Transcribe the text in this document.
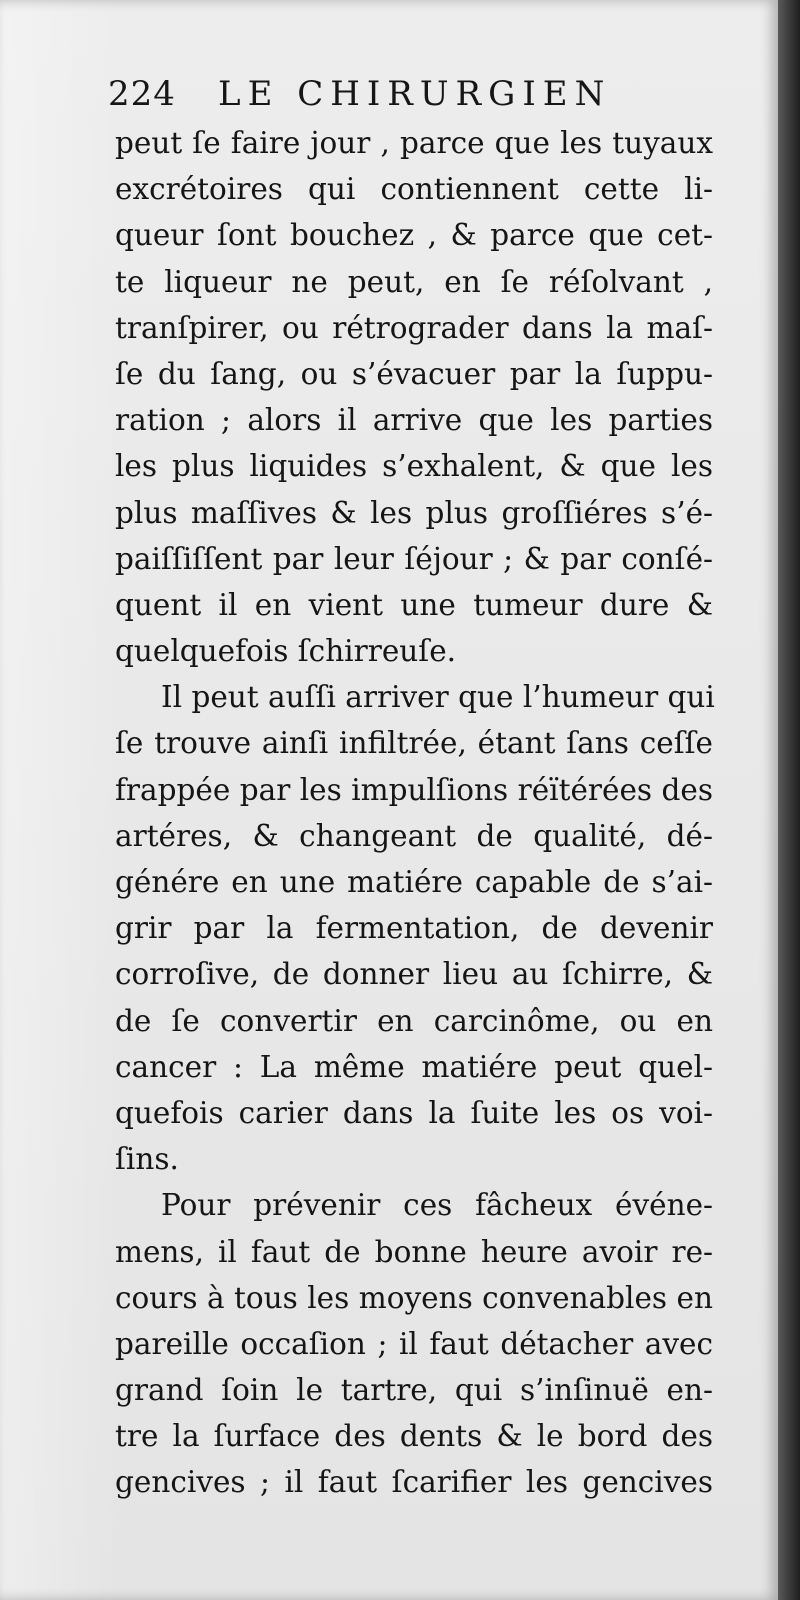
224 LE CHIRURGIEN
peut ſe faire jour , parce que les tuyaux
excrétoires qui contiennent cette li-
queur ſont bouchez , & parce que cet-
te liqueur ne peut, en ſe réſolvant ,
tranſpirer, ou rétrograder dans la maſ-
ſe du ſang, ou s’évacuer par la ſuppu-
ration ; alors il arrive que les parties
les plus liquides s’exhalent, & que les
plus maſſives & les plus groſſiéres s’é-
paiſſiſſent par leur ſéjour ; & par conſé-
quent il en vient une tumeur dure &
quelquefois ſchirreuſe.
Il peut auſſi arriver que l’humeur qui
ſe trouve ainſi infiltrée, étant ſans ceſſe
frappée par les impulſions réïtérées des
artéres, & changeant de qualité, dé-
génére en une matiére capable de s’ai-
grir par la fermentation, de devenir
corroſive, de donner lieu au ſchirre, &
de ſe convertir en carcinôme, ou en
cancer : La même matiére peut quel-
quefois carier dans la ſuite les os voi-
ſins.
Pour prévenir ces fâcheux événe-
mens, il faut de bonne heure avoir re-
cours à tous les moyens convenables en
pareille occaſion ; il faut détacher avec
grand ſoin le tartre, qui s’inſinuë en-
tre la ſurface des dents & le bord des
gencives ; il faut ſcarifier les gencives
